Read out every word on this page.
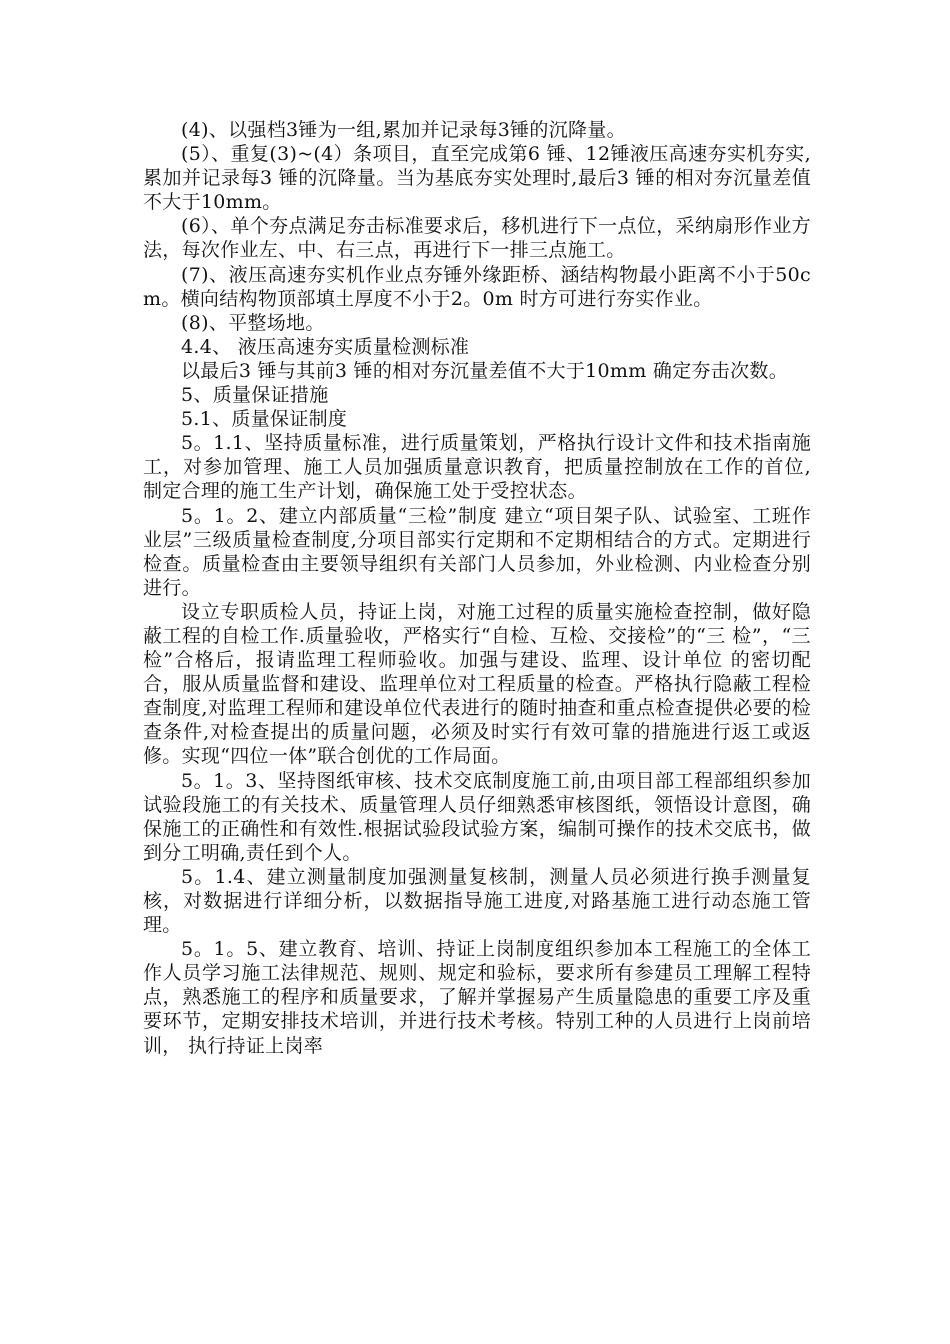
(4)、以强档3锤为一组,累加并记录每3锤的沉降量。

(5）、重复(3)~(4）条项目，直至完成第6 锤、12锤液压高速夯实机夯实,累加并记录每3 锤的沉降量。当为基底夯实处理时,最后3 锤的相对夯沉量差值不大于10mm。

(6）、单个夯点满足夯击标准要求后，移机进行下一点位，采纳扇形作业方法，每次作业左、中、右三点，再进行下一排三点施工。

(7)、液压高速夯实机作业点夯锤外缘距桥、涵结构物最小距离不小于50cm。横向结构物顶部填土厚度不小于2。0m 时方可进行夯实作业。

(8)、平整场地。

4.4、 液压高速夯实质量检测标准

以最后3 锤与其前3 锤的相对夯沉量差值不大于10mm 确定夯击次数。

5、质量保证措施

5.1、质量保证制度

5。1.1、坚持质量标准，进行质量策划，严格执行设计文件和技术指南施工，对参加管理、施工人员加强质量意识教育，把质量控制放在工作的首位, 制定合理的施工生产计划，确保施工处于受控状态。

5。1。2、建立内部质量“三检”制度 建立“项目架子队、试验室、工班作业层”三级质量检查制度,分项目部实行定期和不定期相结合的方式。定期进行检查。质量检查由主要领导组织有关部门人员参加，外业检测、内业检查分别进行。

设立专职质检人员，持证上岗，对施工过程的质量实施检查控制，做好隐 蔽工程的自检工作.质量验收，严格实行“自检、互检、交接检”的“三 检”，“三检”合格后，报请监理工程师验收。加强与建设、监理、设计单位 的密切配合，服从质量监督和建设、监理单位对工程质量的检查。严格执行隐蔽工程检查制度,对监理工程师和建设单位代表进行的随时抽查和重点检查提供必要的检查条件,对检查提出的质量问题，必须及时实行有效可靠的措施进行返工或返修。实现“四位一体”联合创优的工作局面。

5。1。3、坚持图纸审核、技术交底制度施工前,由项目部工程部组织参加试验段施工的有关技术、质量管理人员仔细熟悉审核图纸，领悟设计意图，确保施工的正确性和有效性.根据试验段试验方案，编制可操作的技术交底书，做到分工明确,责任到个人。

5。1.4、建立测量制度加强测量复核制，测量人员必须进行换手测量复核，对数据进行详细分析，以数据指导施工进度,对路基施工进行动态施工管理。

5。1。5、建立教育、培训、持证上岗制度组织参加本工程施工的全体工作人员学习施工法律规范、规则、规定和验标，要求所有参建员工理解工程特点，熟悉施工的程序和质量要求，了解并掌握易产生质量隐患的重要工序及重要环节，定期安排技术培训，并进行技术考核。特别工种的人员进行上岗前培训， 执行持证上岗率
